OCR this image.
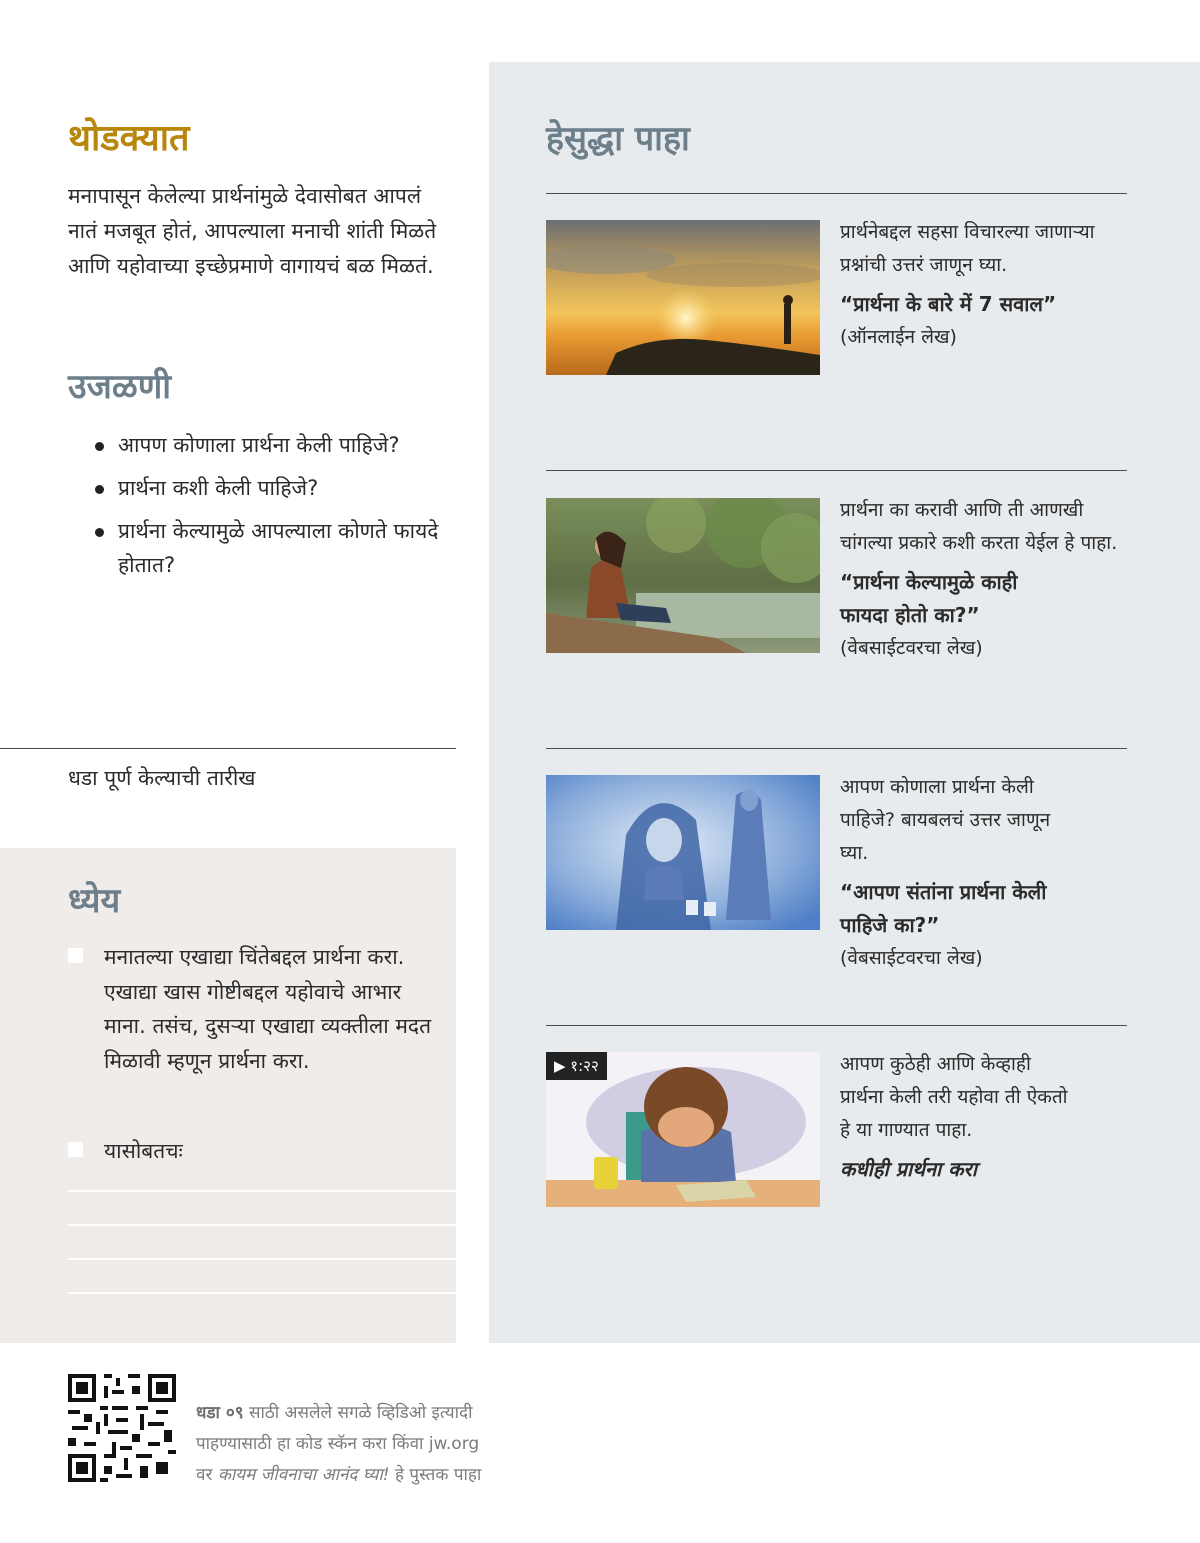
थोडक्यात
मनापासून केलेल्या प्रार्थनांमुळे देवासोबत आपलं नातं मजबूत होतं, आपल्याला मनाची शांती मिळते आणि यहोवाच्या इच्छेप्रमाणे वागायचं बळ मिळतं.
उजळणी
आपण कोणाला प्रार्थना केली पाहिजे?
प्रार्थना कशी केली पाहिजे?
प्रार्थना केल्यामुळे आपल्याला कोणते फायदे होतात?
धडा पूर्ण केल्याची तारीख
ध्येय
मनातल्या एखाद्या चिंतेबद्दल प्रार्थना करा. एखाद्या खास गोष्टीबद्दल यहोवाचे आभार माना. तसंच, दुसऱ्या एखाद्या व्यक्तीला मदत मिळावी म्हणून प्रार्थना करा.
यासोबतचः
हेसुद्धा पाहा
प्रार्थनेबद्दल सहसा विचारल्या जाणाऱ्या प्रश्नांची उत्तरं जाणून घ्या.
“प्रार्थना के बारे में 7 सवाल”
(ऑनलाईन लेख)
प्रार्थना का करावी आणि ती आणखी चांगल्या प्रकारे कशी करता येईल हे पाहा.
“प्रार्थना केल्यामुळे काही फायदा होतो का?”
(वेबसाईटवरचा लेख)
आपण कोणाला प्रार्थना केली पाहिजे? बायबलचं उत्तर जाणून घ्या.
“आपण संतांना प्रार्थना केली पाहिजे का?”
(वेबसाईटवरचा लेख)
▶ १:२२	आपण कुठेही आणि केव्हाही प्रार्थना केली तरी यहोवा ती ऐकतो हे या गाण्यात पाहा.
कधीही प्रार्थना करा
धडा ०९ साठी असलेले सगळे व्हिडिओ इत्यादी
पाहण्यासाठी हा कोड स्कॅन करा किंवा jw.org
वर कायम जीवनाचा आनंद घ्या! हे पुस्तक पाहा
